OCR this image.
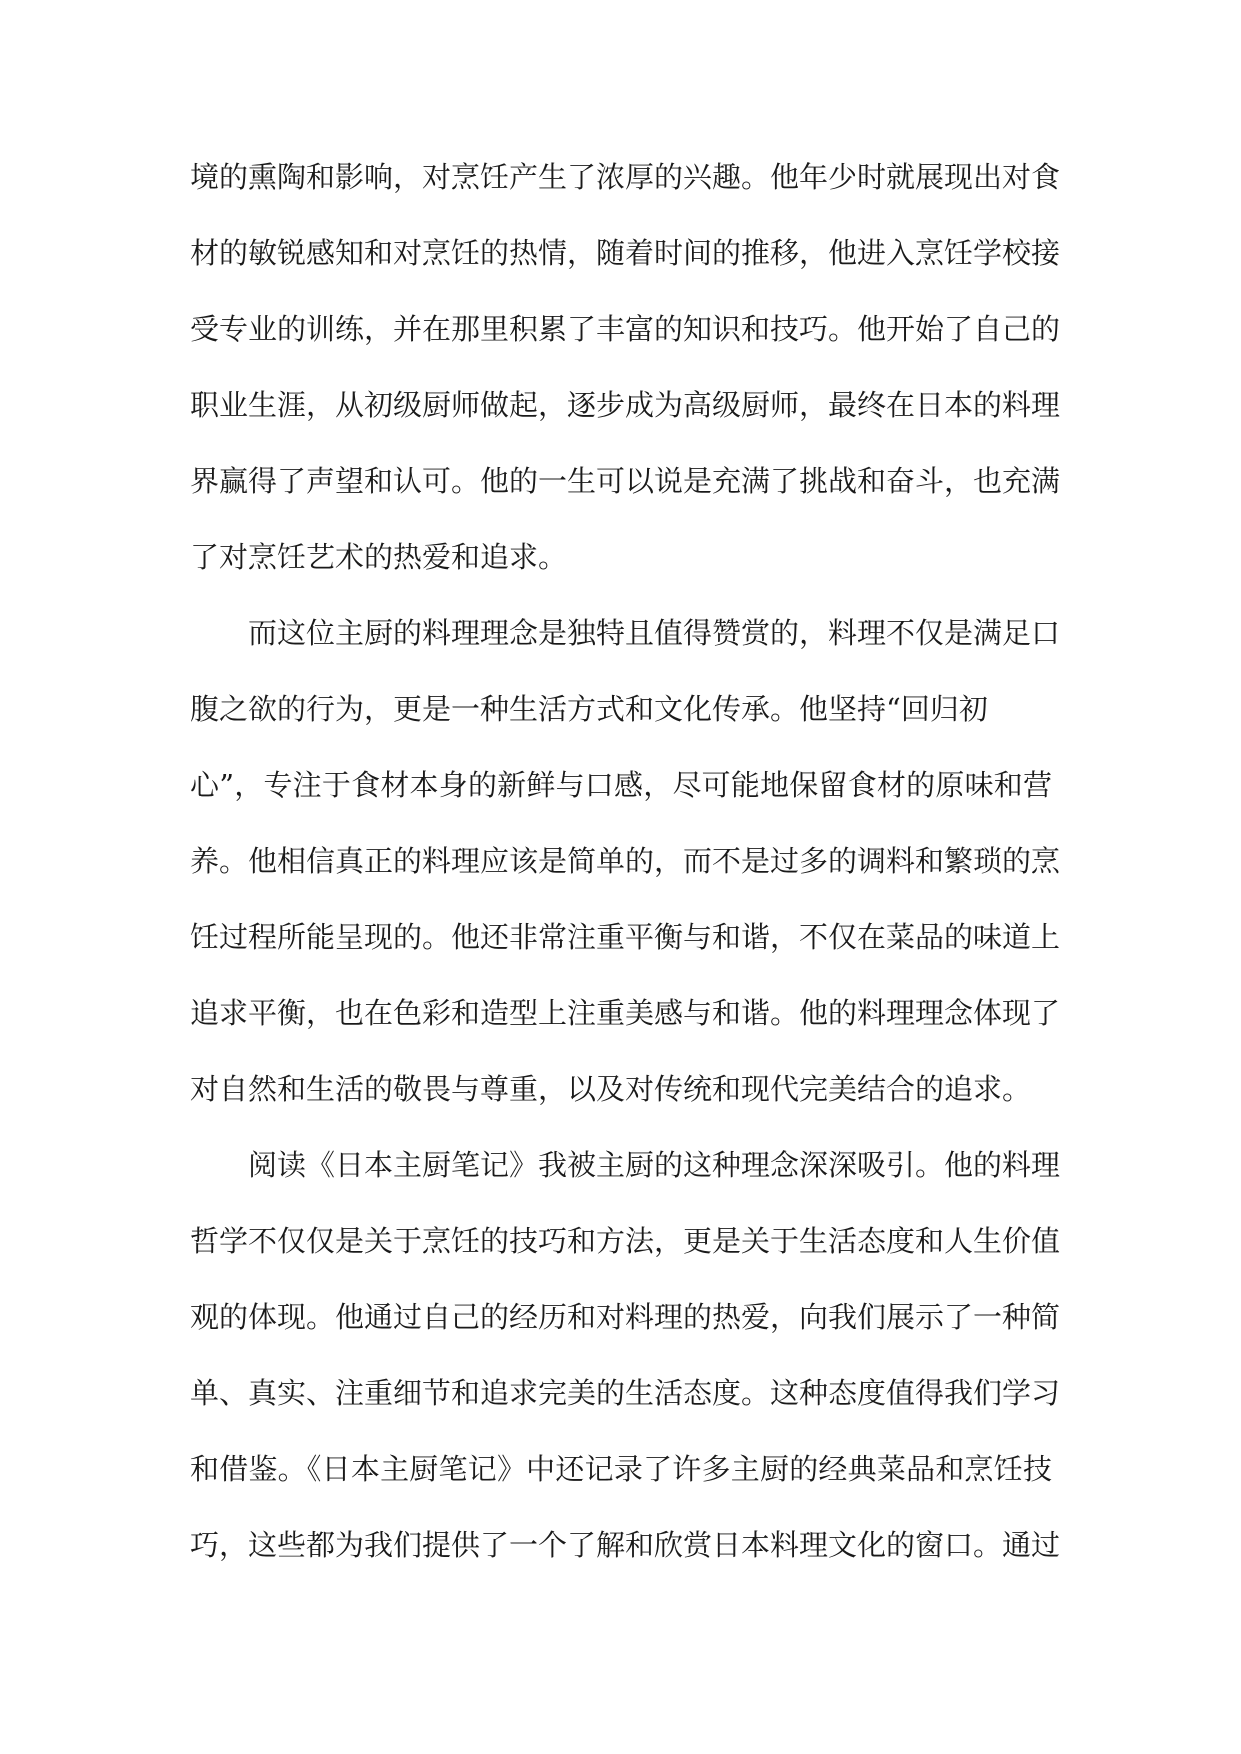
境的熏陶和影响，对烹饪产生了浓厚的兴趣。他年少时就展现出对食
材的敏锐感知和对烹饪的热情，随着时间的推移，他进入烹饪学校接
受专业的训练，并在那里积累了丰富的知识和技巧。他开始了自己的
职业生涯，从初级厨师做起，逐步成为高级厨师，最终在日本的料理
界赢得了声望和认可。他的一生可以说是充满了挑战和奋斗，也充满
了对烹饪艺术的热爱和追求。
而这位主厨的料理理念是独特且值得赞赏的，料理不仅是满足口
腹之欲的行为，更是一种生活方式和文化传承。他坚持“回归初
心”，专注于食材本身的新鲜与口感，尽可能地保留食材的原味和营
养。他相信真正的料理应该是简单的，而不是过多的调料和繁琐的烹
饪过程所能呈现的。他还非常注重平衡与和谐，不仅在菜品的味道上
追求平衡，也在色彩和造型上注重美感与和谐。他的料理理念体现了
对自然和生活的敬畏与尊重，以及对传统和现代完美结合的追求。
阅读《日本主厨笔记》我被主厨的这种理念深深吸引。他的料理
哲学不仅仅是关于烹饪的技巧和方法，更是关于生活态度和人生价值
观的体现。他通过自己的经历和对料理的热爱，向我们展示了一种简
单、真实、注重细节和追求完美的生活态度。这种态度值得我们学习
和借鉴。《日本主厨笔记》中还记录了许多主厨的经典菜品和烹饪技
巧，这些都为我们提供了一个了解和欣赏日本料理文化的窗口。通过
